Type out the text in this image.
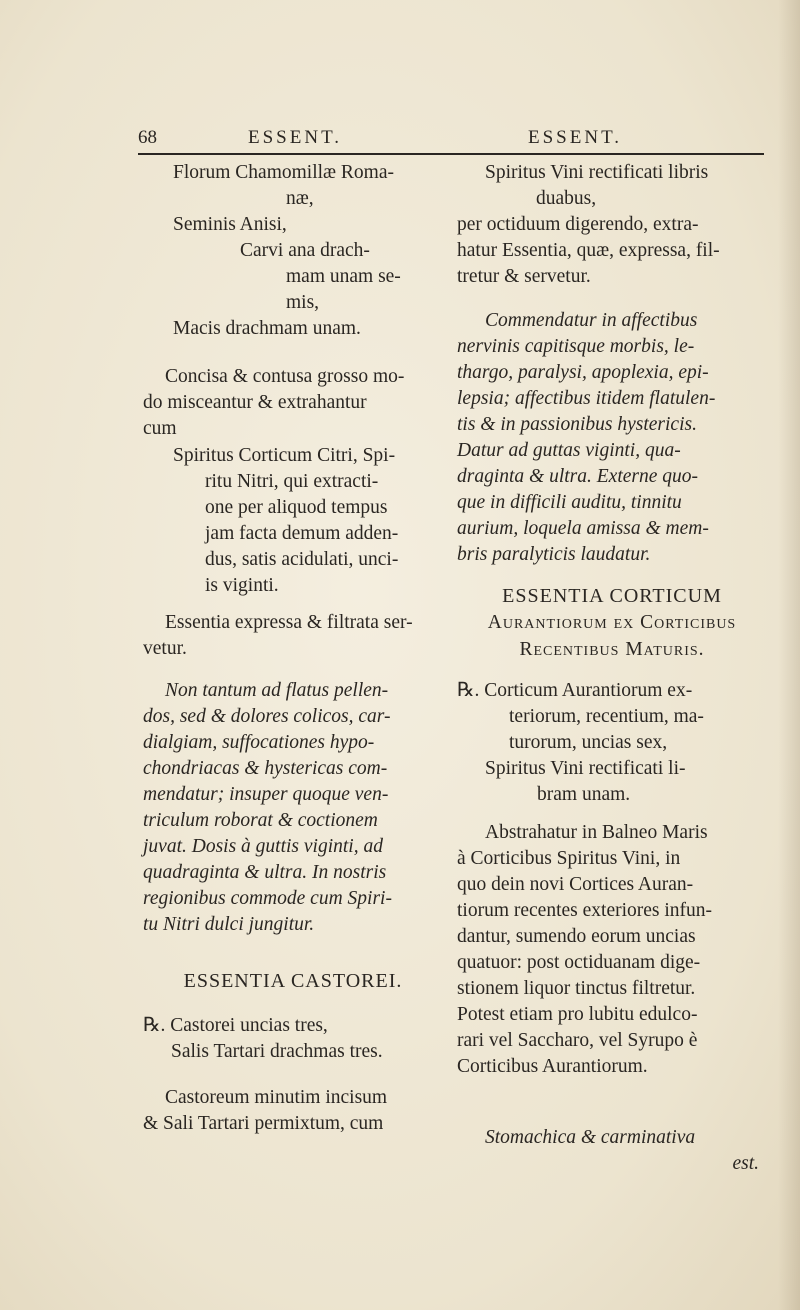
68	ESSENT.	ESSENT.
Florum Chamomillæ Roma-
næ,
Seminis Anisi,
Carvi ana drach-
mam unam se-
mis,
Macis drachmam unam.
Concisa & contusa grosso mo-
do misceantur & extrahantur
cum
Spiritus Corticum Citri, Spi-
ritu Nitri, qui extracti-
one per aliquod tempus
jam facta demum adden-
dus, satis acidulati, unci-
is viginti.
Essentia expressa & filtrata ser-
vetur.
Non tantum ad flatus pellen-
dos, sed & dolores colicos, car-
dialgiam, suffocationes hypo-
chondriacas & hystericas com-
mendatur; insuper quoque ven-
triculum roborat & coctionem
juvat. Dosis à guttis viginti, ad
quadraginta & ultra. In nostris
regionibus commode cum Spiri-
tu Nitri dulci jungitur.
ESSENTIA CASTOREI.
℞. Castorei uncias tres,
Salis Tartari drachmas tres.
Castoreum minutim incisum
& Sali Tartari permixtum, cum
Spiritus Vini rectificati libris
duabus,
per octiduum digerendo, extra-
hatur Essentia, quæ, expressa, fil-
tretur & servetur.
Commendatur in affectibus
nervinis capitisque morbis, le-
thargo, paralysi, apoplexia, epi-
lepsia; affectibus itidem flatulen-
tis & in passionibus hystericis.
Datur ad guttas viginti, qua-
draginta & ultra. Externe quo-
que in difficili auditu, tinnitu
aurium, loquela amissa & mem-
bris paralyticis laudatur.
ESSENTIA CORTICUM
Aurantiorum ex Corticibus
Recentibus Maturis.
℞. Corticum Aurantiorum ex-
teriorum, recentium, ma-
turorum, uncias sex,
Spiritus Vini rectificati li-
bram unam.
Abstrahatur in Balneo Maris
à Corticibus Spiritus Vini, in
quo dein novi Cortices Auran-
tiorum recentes exteriores infun-
dantur, sumendo eorum uncias
quatuor: post octiduanam dige-
stionem liquor tinctus filtretur.
Potest etiam pro lubitu edulco-
rari vel Saccharo, vel Syrupo è
Corticibus Aurantiorum.
Stomachica & carminativa
est.
